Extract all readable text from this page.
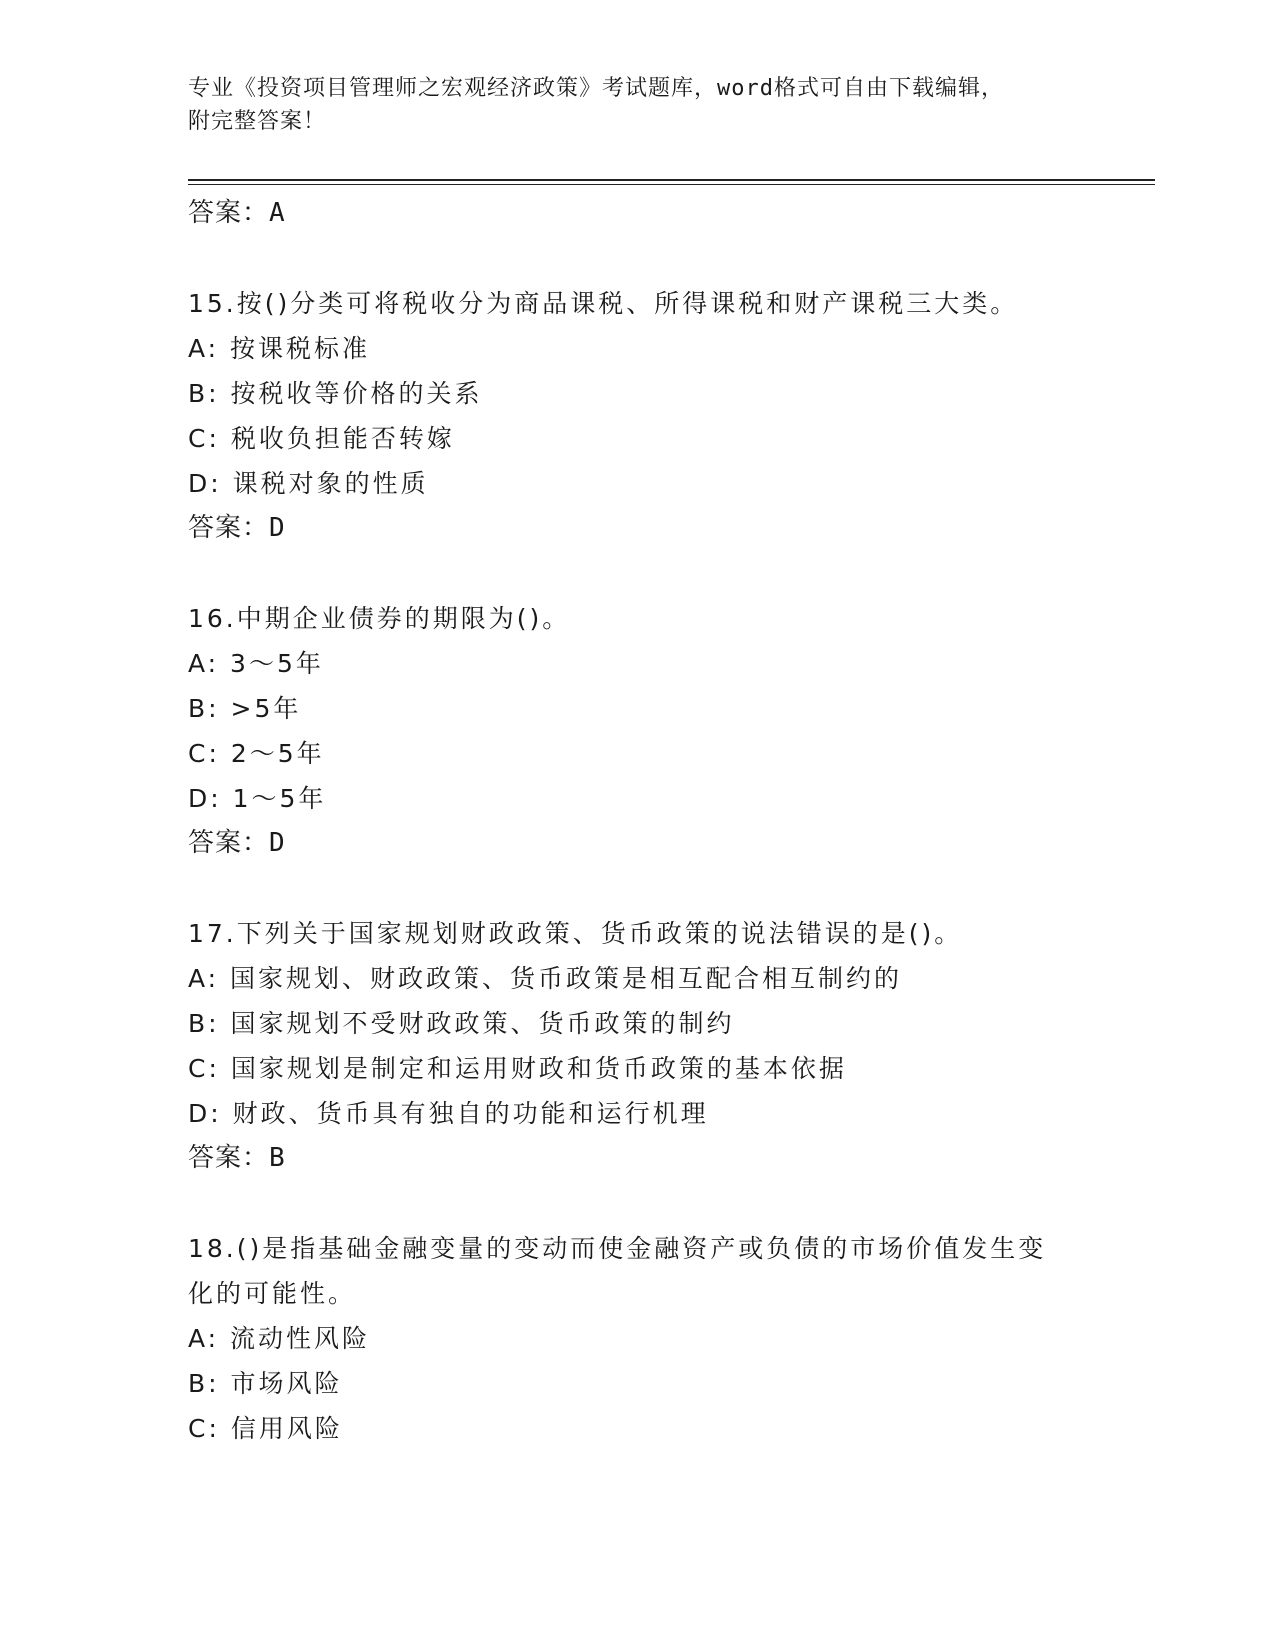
专业《投资项目管理师之宏观经济政策》考试题库，word格式可自由下载编辑，
附完整答案！
答案：A
15.按()分类可将税收分为商品课税、所得课税和财产课税三大类。
A: 按课税标准
B: 按税收等价格的关系
C: 税收负担能否转嫁
D: 课税对象的性质
答案：D
16.中期企业债券的期限为()。
A: 3～5年
B: >5年
C: 2～5年
D: 1～5年
答案：D
17.下列关于国家规划财政政策、货币政策的说法错误的是()。
A: 国家规划、财政政策、货币政策是相互配合相互制约的
B: 国家规划不受财政政策、货币政策的制约
C: 国家规划是制定和运用财政和货币政策的基本依据
D: 财政、货币具有独自的功能和运行机理
答案：B
18.()是指基础金融变量的变动而使金融资产或负债的市场价值发生变
化的可能性。
A: 流动性风险
B: 市场风险
C: 信用风险
